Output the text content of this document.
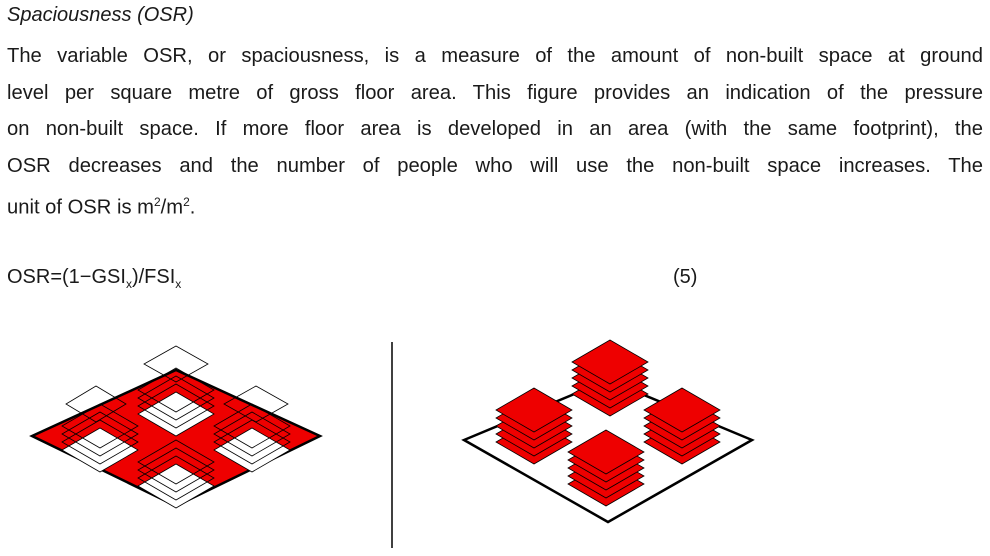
Spaciousness (OSR)

The variable OSR, or spaciousness, is a measure of the amount of non-built space at ground
level per square metre of gross floor area. This figure provides an indication of the pressure
on non-built space. If more floor area is developed in an area (with the same footprint), the
OSR decreases and the number of people who will use the non-built space increases. The
unit of OSR is $m^2/m^2$.

$OSR=(1-GSI_x)/FSI_x$	(5)
